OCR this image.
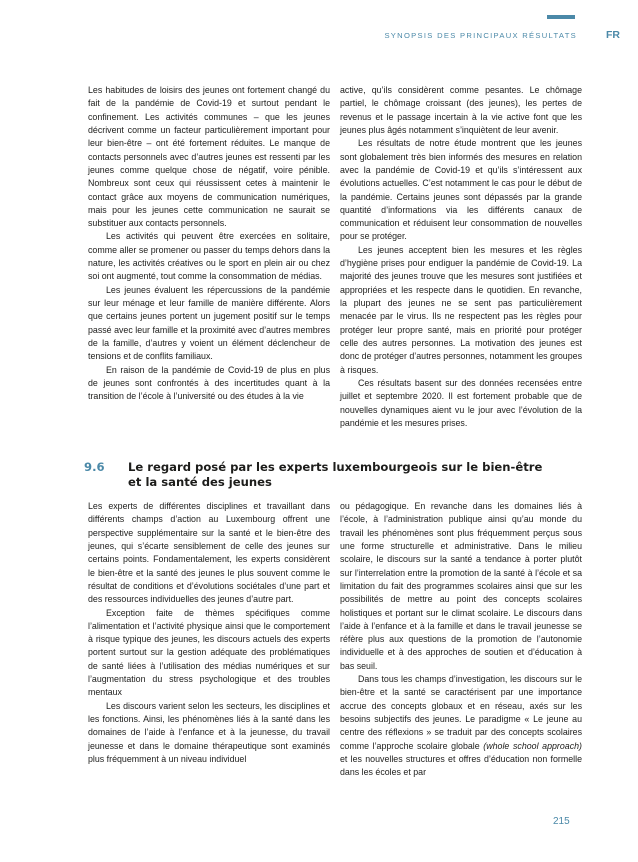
SYNOPSIS DES PRINCIPAUX RÉSULTATS	FR

Les habitudes de loisirs des jeunes ont fortement changé du fait de la pandémie de Covid-19 et surtout pendant le confinement. Les activités communes – que les jeunes décrivent comme un facteur particulièrement important pour leur bien-être – ont été fortement réduites. Le manque de contacts personnels avec d’autres jeunes est ressenti par les jeunes comme quelque chose de négatif, voire pénible. Nombreux sont ceux qui réussissent cetes à maintenir le contact grâce aux moyens de communication numériques, mais pour les jeunes cette communication ne saurait se substituer aux contacts personnels.

Les activités qui peuvent être exercées en solitaire, comme aller se promener ou passer du temps dehors dans la nature, les activités créatives ou le sport en plein air ou chez soi ont augmenté, tout comme la consommation de médias.

Les jeunes évaluent les répercussions de la pandémie sur leur ménage et leur famille de manière différente. Alors que certains jeunes portent un jugement positif sur le temps passé avec leur famille et la proximité avec d’autres membres de la famille, d’autres y voient un élément déclencheur de tensions et de conflits familiaux.

En raison de la pandémie de Covid-19 de plus en plus de jeunes sont confrontés à des incertitudes quant à la transition de l’école à l’université ou des études à la vie

active, qu’ils considèrent comme pesantes. Le chômage partiel, le chômage croissant (des jeunes), les pertes de revenus et le passage incertain à la vie active font que les jeunes plus âgés notamment s’inquiètent de leur avenir.

Les résultats de notre étude montrent que les jeunes sont globalement très bien informés des mesures en relation avec la pandémie de Covid-19 et qu’ils s’intéressent aux évolutions actuelles. C’est notamment le cas pour le début de la pandémie. Certains jeunes sont dépassés par la grande quantité d’informations via les différents canaux de communication et réduisent leur consommation de nouvelles pour se protéger.

Les jeunes acceptent bien les mesures et les règles d’hygiène prises pour endiguer la pandémie de Covid-19. La majorité des jeunes trouve que les mesures sont justifiées et appropriées et les respecte dans le quotidien. En revanche, la plupart des jeunes ne se sent pas particulièrement menacée par le virus. Ils ne respectent pas les règles pour protéger leur propre santé, mais en priorité pour protéger celle des autres personnes. La motivation des jeunes est donc de protéger d’autres personnes, notamment les groupes à risques.

Ces résultats basent sur des données recensées entre juillet et septembre 2020. Il est fortement probable que de nouvelles dynamiques aient vu le jour avec l’évolution de la pandémie et les mesures prises.

9.6 Le regard posé par les experts luxembourgeois sur le bien-être et la santé des jeunes

Les experts de différentes disciplines et travaillant dans différents champs d’action au Luxembourg offrent une perspective supplémentaire sur la santé et le bien-être des jeunes, qui s’écarte sensiblement de celle des jeunes sur certains points. Fondamentalement, les experts considèrent le bien-être et la santé des jeunes le plus souvent comme le résultat de conditions et d’évolutions sociétales d’une part et des ressources individuelles des jeunes d’autre part.

Exception faite de thèmes spécifiques comme l’alimentation et l’activité physique ainsi que le comportement à risque typique des jeunes, les discours actuels des experts portent surtout sur la gestion adéquate des problématiques de santé liées à l’utilisation des médias numériques et sur l’augmentation du stress psychologique et des troubles mentaux

Les discours varient selon les secteurs, les disciplines et les fonctions. Ainsi, les phénomènes liés à la santé dans les domaines de l’aide à l’enfance et à la jeunesse, du travail jeunesse et dans le domaine thérapeutique sont examinés plus fréquemment à un niveau individuel

ou pédagogique. En revanche dans les domaines liés à l’école, à l’administration publique ainsi qu’au monde du travail les phénomènes sont plus fréquemment perçus sous une forme structurelle et administrative. Dans le milieu scolaire, le discours sur la santé a tendance à porter plutôt sur l’interrelation entre la promotion de la santé à l’école et sa limitation du fait des programmes scolaires ainsi que sur les possibilités de mettre au point des concepts scolaires holistiques et portant sur le climat scolaire. Le discours dans l’aide à l’enfance et à la famille et dans le travail jeunesse se réfère plus aux questions de la promotion de l’autonomie individuelle et à des approches de soutien et d’éducation à bas seuil.

Dans tous les champs d’investigation, les discours sur le bien-être et la santé se caractérisent par une importance accrue des concepts globaux et en réseau, axés sur les besoins subjectifs des jeunes. Le paradigme « Le jeune au centre des réflexions » se traduit par des concepts scolaires comme l’approche scolaire globale (whole school approach) et les nouvelles structures et offres d’éducation non formelle dans les écoles et par

215
